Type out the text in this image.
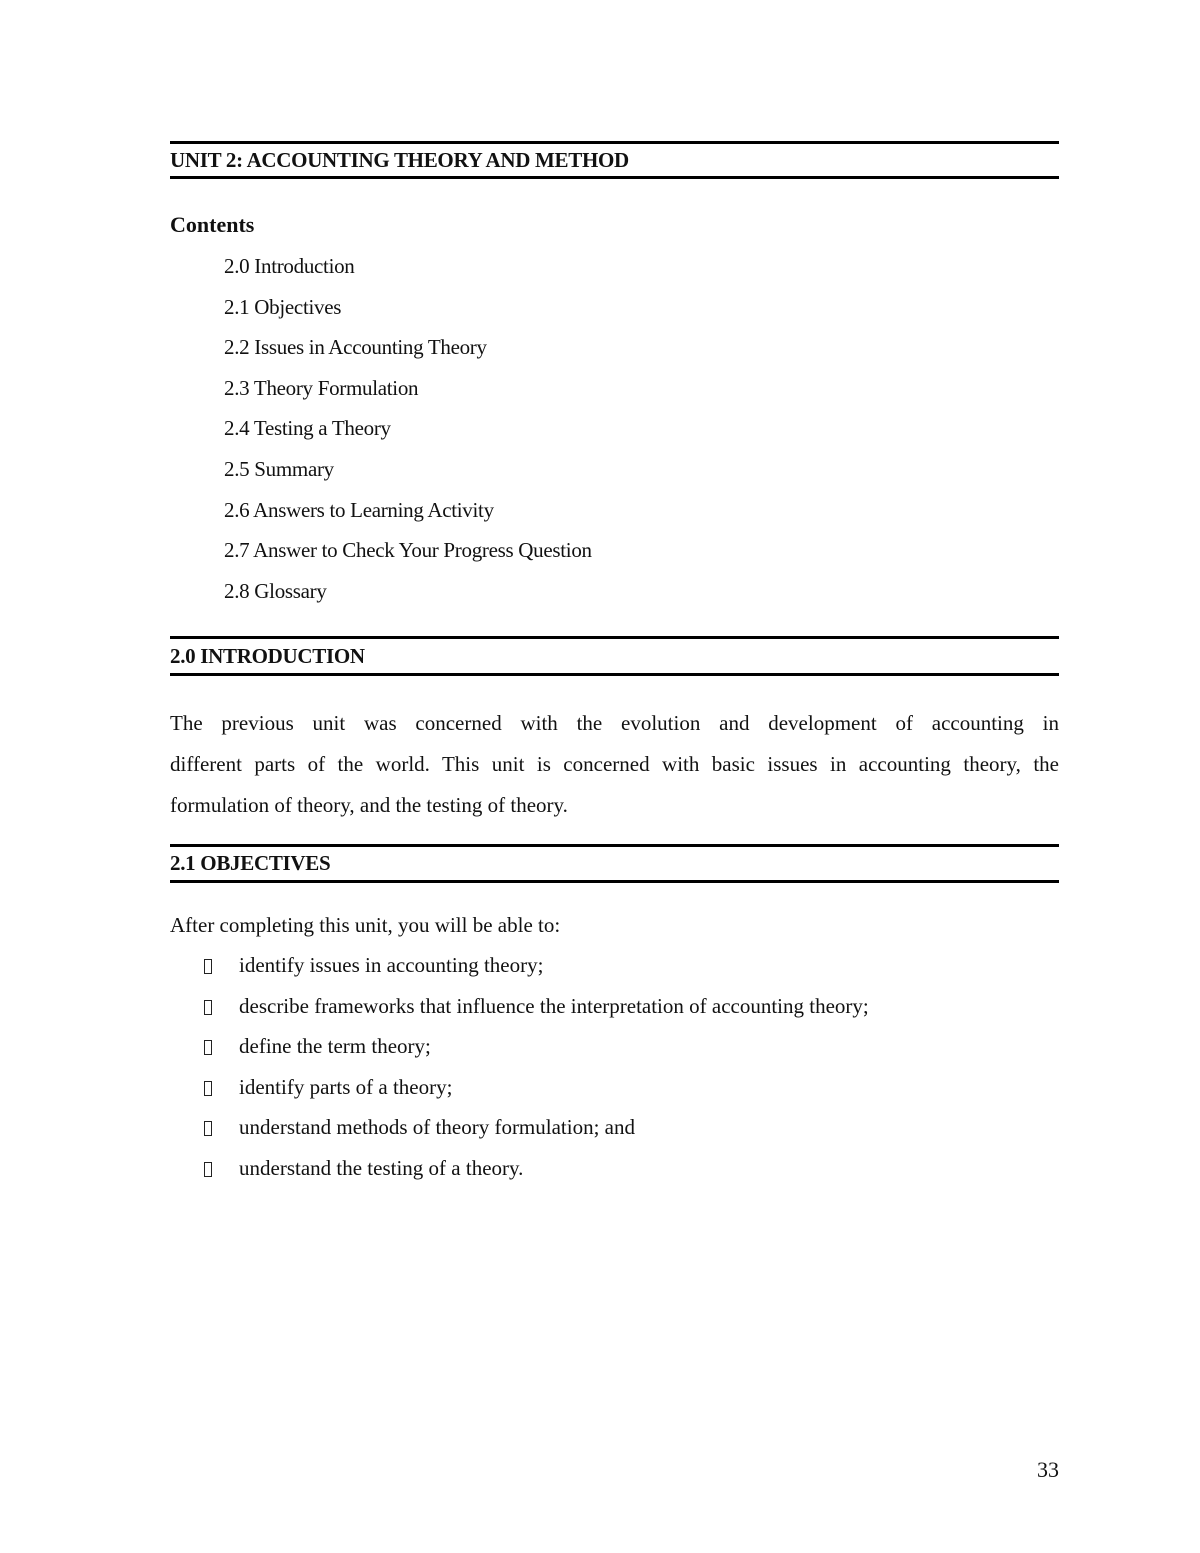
UNIT 2: ACCOUNTING THEORY AND METHOD
Contents
2.0 Introduction
2.1 Objectives
2.2 Issues in Accounting Theory
2.3 Theory Formulation
2.4 Testing a Theory
2.5 Summary
2.6 Answers to Learning Activity
2.7 Answer to Check Your Progress Question
2.8 Glossary
2.0 INTRODUCTION
The previous unit was concerned with the evolution and development of accounting in
different parts of the world. This unit is concerned with basic issues in accounting theory, the
formulation of theory, and the testing of theory.
2.1 OBJECTIVES
After completing this unit, you will be able to:
identify issues in accounting theory;
describe frameworks that influence the interpretation of accounting theory;
define the term theory;
identify parts of a theory;
understand methods of theory formulation; and
understand the testing of a theory.
33
